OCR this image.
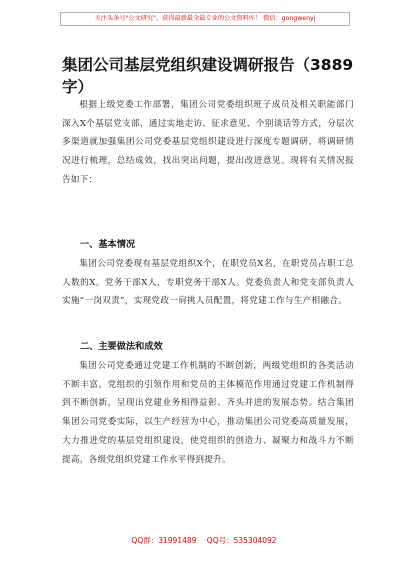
关注头条号"公文研究"，获得最新最全最专业的公文资料库！ 微信：gongwenyj
集团公司基层党组织建设调研报告（3889字）
根据上级党委工作部署，集团公司党委组织班子成员及相关职能部门深入X个基层党支部，通过实地走访、征求意见、个别谈话等方式，分层次多渠道就加强集团公司党委基层党组织建设进行深度专题调研，将调研情况进行梳理，总结成效，找出突出问题，提出改进意见。现将有关情况报告如下：
一、基本情况
集团公司党委现有基层党组织X个，在职党员X名，在职党员占职工总人数的X。党务干部X人，专职党务干部X人。党委负责人和党支部负责人实施“一岗双责”，实现党政一肩挑人员配置，将党建工作与生产相融合。
二、主要做法和成效
集团公司党委通过党建工作机制的不断创新，两级党组织的各类活动不断丰富，党组织的引领作用和党员的主体模范作用通过党建工作机制得到不断创新，呈现出党建业务相得益彰、齐头并进的发展态势。结合集团集团公司党委实际，以生产经营为中心，推动集团公司党委高质量发展，大力推进党的基层党组织建设，使党组织的创造力、凝聚力和战斗力不断提高，各级党组织党建工作水平得到提升。
QQ群：31991489 QQ号：535304092
